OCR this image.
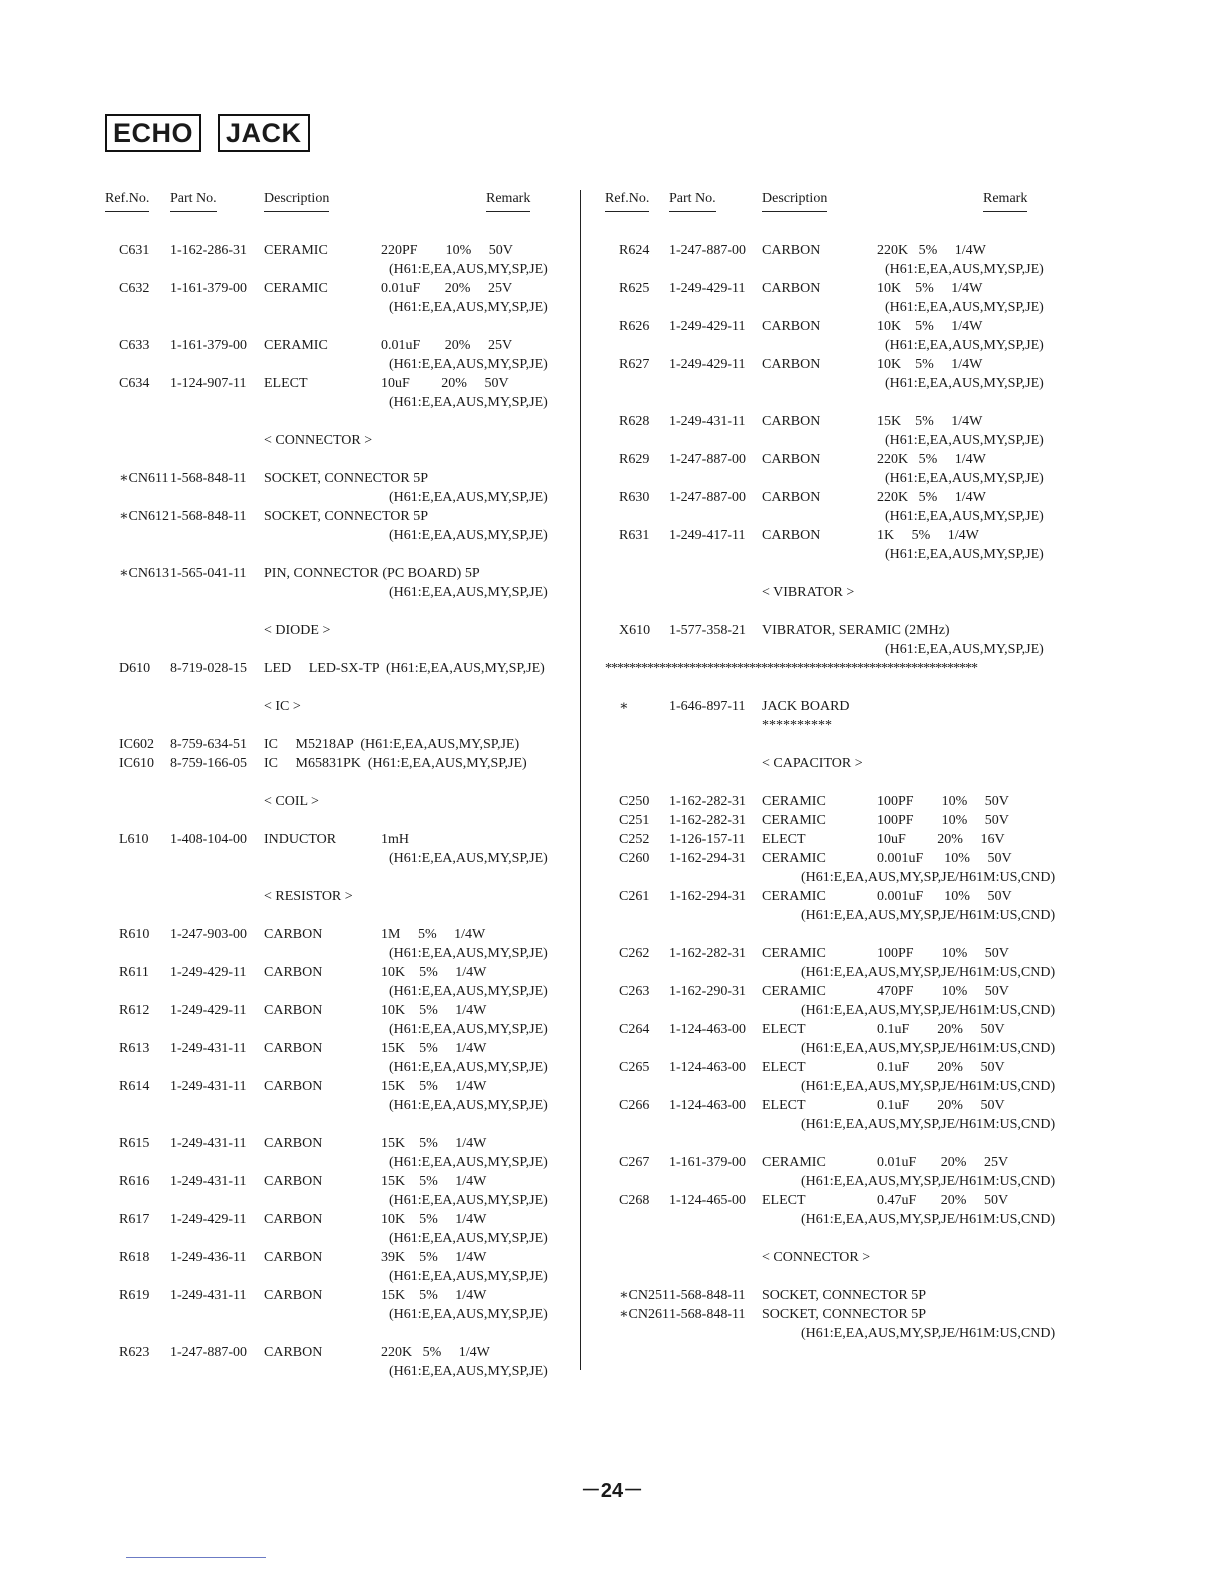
ECHO JACK
Ref.No. Part No.	Description	Remark
C631 1-162-286-31 CERAMIC	220PF        10%     50V
(H61:E,EA,AUS,MY,SP,JE)
C632 1-161-379-00 CERAMIC	0.01uF       20%     25V
(H61:E,EA,AUS,MY,SP,JE)
C633 1-161-379-00 CERAMIC	0.01uF       20%     25V
(H61:E,EA,AUS,MY,SP,JE)
C634 1-124-907-11 ELECT	10uF         20%     50V
(H61:E,EA,AUS,MY,SP,JE)
< CONNECTOR >
∗CN611 1-568-848-11 SOCKET, CONNECTOR 5P
(H61:E,EA,AUS,MY,SP,JE)
∗CN612 1-568-848-11 SOCKET, CONNECTOR 5P
(H61:E,EA,AUS,MY,SP,JE)
∗CN613 1-565-041-11 PIN, CONNECTOR (PC BOARD) 5P
(H61:E,EA,AUS,MY,SP,JE)
< DIODE >
D610 8-719-028-15 LED     LED-SX-TP  (H61:E,EA,AUS,MY,SP,JE)
< IC >
IC602 8-759-634-51 IC     M5218AP  (H61:E,EA,AUS,MY,SP,JE)
IC610 8-759-166-05 IC     M65831PK  (H61:E,EA,AUS,MY,SP,JE)
< COIL >
L610 1-408-104-00 INDUCTOR	1mH
(H61:E,EA,AUS,MY,SP,JE)
< RESISTOR >
R610 1-247-903-00 CARBON	1M     5%     1/4W
(H61:E,EA,AUS,MY,SP,JE)
R611 1-249-429-11 CARBON	10K    5%     1/4W
(H61:E,EA,AUS,MY,SP,JE)
R612 1-249-429-11 CARBON	10K    5%     1/4W
(H61:E,EA,AUS,MY,SP,JE)
R613 1-249-431-11 CARBON	15K    5%     1/4W
(H61:E,EA,AUS,MY,SP,JE)
R614 1-249-431-11 CARBON	15K    5%     1/4W
(H61:E,EA,AUS,MY,SP,JE)
R615 1-249-431-11 CARBON	15K    5%     1/4W
(H61:E,EA,AUS,MY,SP,JE)
R616 1-249-431-11 CARBON	15K    5%     1/4W
(H61:E,EA,AUS,MY,SP,JE)
R617 1-249-429-11 CARBON	10K    5%     1/4W
(H61:E,EA,AUS,MY,SP,JE)
R618 1-249-436-11 CARBON	39K    5%     1/4W
(H61:E,EA,AUS,MY,SP,JE)
R619 1-249-431-11 CARBON	15K    5%     1/4W
(H61:E,EA,AUS,MY,SP,JE)
R623 1-247-887-00 CARBON	220K   5%     1/4W
(H61:E,EA,AUS,MY,SP,JE)
Ref.No. Part No.	Description	Remark
R624 1-247-887-00 CARBON	220K   5%     1/4W
(H61:E,EA,AUS,MY,SP,JE)
R625 1-249-429-11 CARBON	10K    5%     1/4W
(H61:E,EA,AUS,MY,SP,JE)
R626 1-249-429-11 CARBON	10K    5%     1/4W
(H61:E,EA,AUS,MY,SP,JE)
R627 1-249-429-11 CARBON	10K    5%     1/4W
(H61:E,EA,AUS,MY,SP,JE)
R628 1-249-431-11 CARBON	15K    5%     1/4W
(H61:E,EA,AUS,MY,SP,JE)
R629 1-247-887-00 CARBON	220K   5%     1/4W
(H61:E,EA,AUS,MY,SP,JE)
R630 1-247-887-00 CARBON	220K   5%     1/4W
(H61:E,EA,AUS,MY,SP,JE)
R631 1-249-417-11 CARBON	1K     5%     1/4W
(H61:E,EA,AUS,MY,SP,JE)
< VIBRATOR >
X610 1-577-358-21 VIBRATOR, SERAMIC (2MHz)
(H61:E,EA,AUS,MY,SP,JE)
**************************************************************
∗	1-646-897-11 JACK BOARD
**********
< CAPACITOR >
C250 1-162-282-31 CERAMIC	100PF        10%     50V
C251 1-162-282-31 CERAMIC	100PF        10%     50V
C252 1-126-157-11 ELECT	10uF         20%     16V
C260 1-162-294-31 CERAMIC	0.001uF      10%     50V
(H61:E,EA,AUS,MY,SP,JE/H61M:US,CND)
C261 1-162-294-31 CERAMIC	0.001uF      10%     50V
(H61:E,EA,AUS,MY,SP,JE/H61M:US,CND)
C262 1-162-282-31 CERAMIC	100PF        10%     50V
(H61:E,EA,AUS,MY,SP,JE/H61M:US,CND)
C263 1-162-290-31 CERAMIC	470PF        10%     50V
(H61:E,EA,AUS,MY,SP,JE/H61M:US,CND)
C264 1-124-463-00 ELECT	0.1uF        20%     50V
(H61:E,EA,AUS,MY,SP,JE/H61M:US,CND)
C265 1-124-463-00 ELECT	0.1uF        20%     50V
(H61:E,EA,AUS,MY,SP,JE/H61M:US,CND)
C266 1-124-463-00 ELECT	0.1uF        20%     50V
(H61:E,EA,AUS,MY,SP,JE/H61M:US,CND)
C267 1-161-379-00 CERAMIC	0.01uF       20%     25V
(H61:E,EA,AUS,MY,SP,JE/H61M:US,CND)
C268 1-124-465-00 ELECT	0.47uF       20%     50V
(H61:E,EA,AUS,MY,SP,JE/H61M:US,CND)
< CONNECTOR >
∗CN251 1-568-848-11 SOCKET, CONNECTOR 5P
∗CN261 1-568-848-11 SOCKET, CONNECTOR 5P
(H61:E,EA,AUS,MY,SP,JE/H61M:US,CND)
－24－
